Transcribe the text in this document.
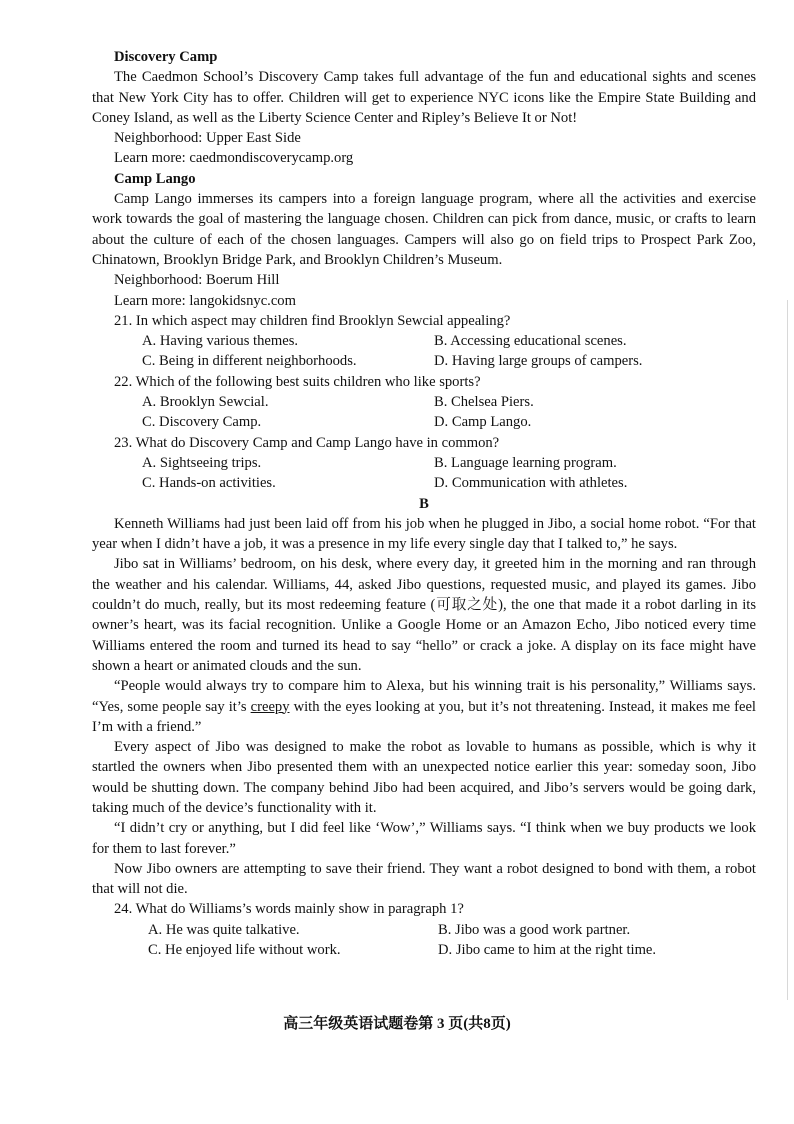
Discovery Camp

The Caedmon School’s Discovery Camp takes full advantage of the fun and educational sights and scenes that New York City has to offer. Children will get to experience NYC icons like the Empire State Building and Coney Island, as well as the Liberty Science Center and Ripley’s Believe It or Not!

Neighborhood: Upper East Side

Learn more: caedmondiscoverycamp.org

Camp Lango

Camp Lango immerses its campers into a foreign language program, where all the activities and exercise work towards the goal of mastering the language chosen. Children can pick from dance, music, or crafts to learn about the culture of each of the chosen languages. Campers will also go on field trips to Prospect Park Zoo, Chinatown, Brooklyn Bridge Park, and Brooklyn Children’s Museum.

Neighborhood: Boerum Hill

Learn more: langokidsnyc.com

21. In which aspect may children find Brooklyn Sewcial appealing?

A. Having various themes.	B. Accessing educational scenes.
C. Being in different neighborhoods.	D. Having large groups of campers.

22. Which of the following best suits children who like sports?

A. Brooklyn Sewcial.	B. Chelsea Piers.
C. Discovery Camp.	D. Camp Lango.

23. What do Discovery Camp and Camp Lango have in common?

A. Sightseeing trips.	B. Language learning program.
C. Hands-on activities.	D. Communication with athletes.

B

Kenneth Williams had just been laid off from his job when he plugged in Jibo, a social home robot. “For that year when I didn’t have a job, it was a presence in my life every single day that I talked to,” he says.

Jibo sat in Williams’ bedroom, on his desk, where every day, it greeted him in the morning and ran through the weather and his calendar. Williams, 44, asked Jibo questions, requested music, and played its games. Jibo couldn’t do much, really, but its most redeeming feature (可取之处), the one that made it a robot darling in its owner’s heart, was its facial recognition. Unlike a Google Home or an Amazon Echo, Jibo noticed every time Williams entered the room and turned its head to say “hello” or crack a joke. A display on its face might have shown a heart or animated clouds and the sun.

“People would always try to compare him to Alexa, but his winning trait is his personality,” Williams says. “Yes, some people say it’s creepy with the eyes looking at you, but it’s not threatening. Instead, it makes me feel I’m with a friend.”

Every aspect of Jibo was designed to make the robot as lovable to humans as possible, which is why it startled the owners when Jibo presented them with an unexpected notice earlier this year: someday soon, Jibo would be shutting down. The company behind Jibo had been acquired, and Jibo’s servers would be going dark, taking much of the device’s functionality with it.

“I didn’t cry or anything, but I did feel like ‘Wow’,” Williams says. “I think when we buy products we look for them to last forever.”

Now Jibo owners are attempting to save their friend. They want a robot designed to bond with them, a robot that will not die.

24. What do Williams’s words mainly show in paragraph 1?

A. He was quite talkative.	B. Jibo was a good work partner.
C. He enjoyed life without work.	D. Jibo came to him at the right time.
高三年级英语试题卷第 3 页(共8页)
